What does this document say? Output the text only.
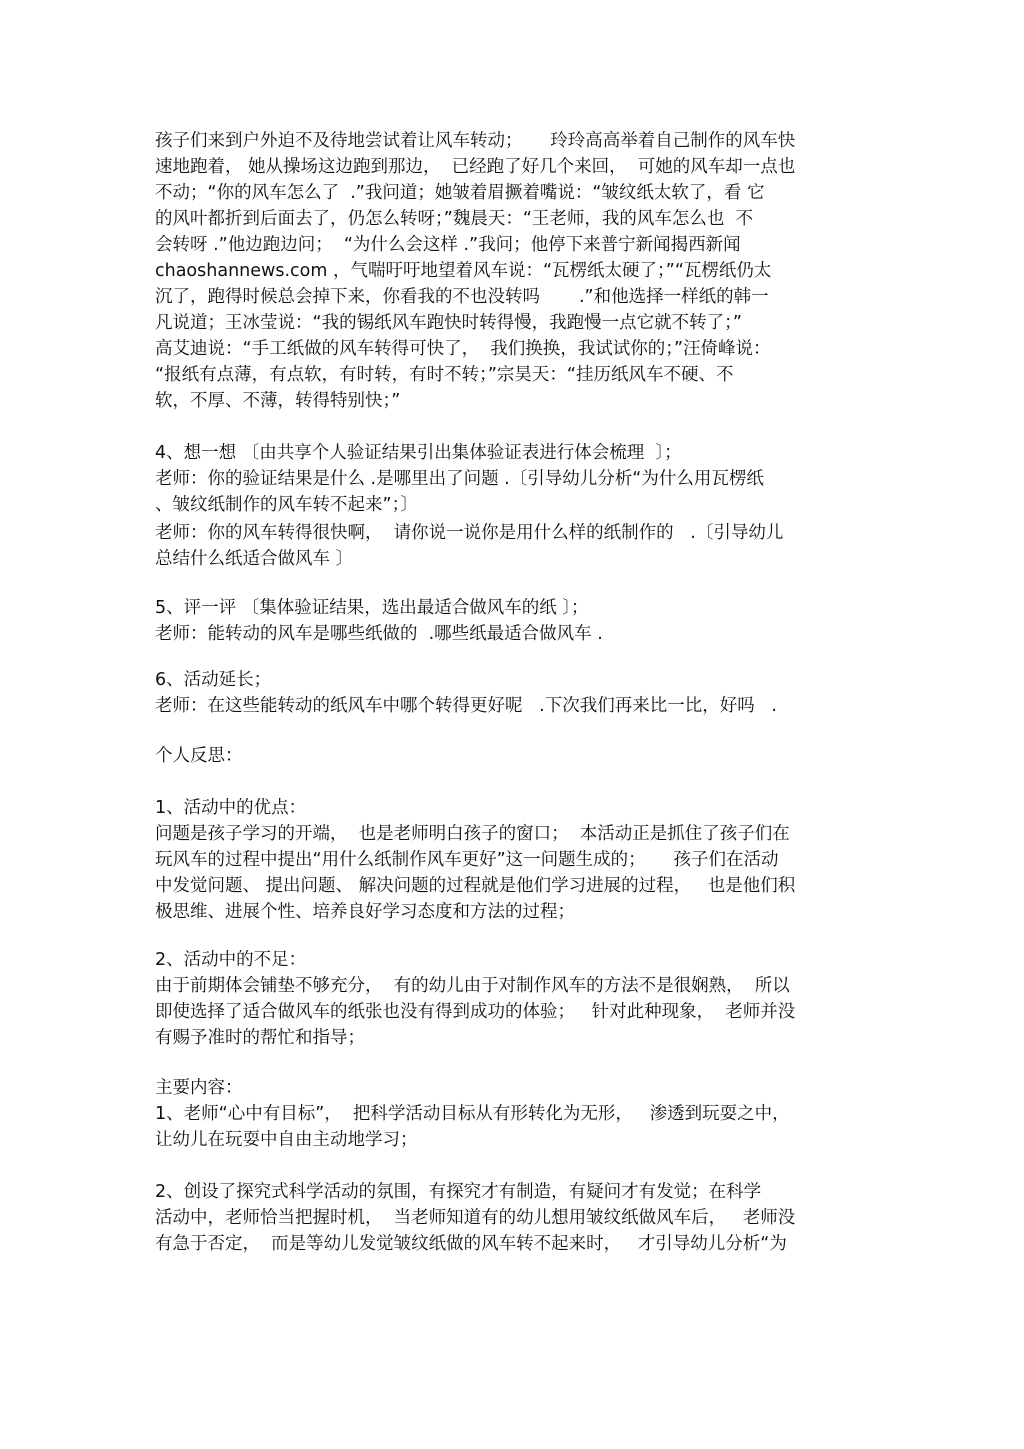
孩子们来到户外迫不及待地尝试着让风车转动；     玲玲高高举着自己制作的风车快
速地跑着， 她从操场这边跑到那边，  已经跑了好几个来回，  可她的风车却一点也
不动；“你的风车怎么了  .”我问道；她皱着眉撅着嘴说：“皱纹纸太软了，看 它
的风叶都折到后面去了，仍怎么转呀；”魏晨天：“王老师，我的风车怎么也  不
会转呀 .”他边跑边问；  “为什么会这样 .”我问；他停下来普宁新闻揭西新闻
chaoshannews.com ，气喘吁吁地望着风车说：“瓦楞纸太硬了；”“瓦楞纸仍太
沉了，跑得时候总会掉下来，你看我的不也没转吗       .”和他选择一样纸的韩一
凡说道；王冰莹说：“我的锡纸风车跑快时转得慢，我跑慢一点它就不转了；”
高艾迪说：“手工纸做的风车转得可快了，  我们换换，我试试你的；”汪倚峰说：
“报纸有点薄，有点软，有时转，有时不转；”宗昊天：“挂历纸风车不硬、不
软，不厚、不薄，转得特别快；”
4、想一想 〔由共享个人验证结果引出集体验证表进行体会梳理  〕；
老师：你的验证结果是什么 .是哪里出了问题 .〔引导幼儿分析“为什么用瓦楞纸
、皱纹纸制作的风车转不起来”；〕
老师：你的风车转得很快啊，  请你说一说你是用什么样的纸制作的   .〔引导幼儿
总结什么纸适合做风车 〕
5、评一评 〔集体验证结果，选出最适合做风车的纸 〕；
老师：能转动的风车是哪些纸做的  .哪些纸最适合做风车 .
6、活动延长；
老师：在这些能转动的纸风车中哪个转得更好呢   .下次我们再来比一比，好吗   .
个人反思：
1、活动中的优点：
问题是孩子学习的开端，  也是老师明白孩子的窗口；  本活动正是抓住了孩子们在
玩风车的过程中提出“用什么纸制作风车更好”这一问题生成的；     孩子们在活动
中发觉问题、 提出问题、 解决问题的过程就是他们学习进展的过程，   也是他们积
极思维、进展个性、培养良好学习态度和方法的过程；
2、活动中的不足：
由于前期体会铺垫不够充分，  有的幼儿由于对制作风车的方法不是很娴熟，  所以
即使选择了适合做风车的纸张也没有得到成功的体验；   针对此种现象，  老师并没
有赐予准时的帮忙和指导；
主要内容：
1、老师“心中有目标”，  把科学活动目标从有形转化为无形，   渗透到玩耍之中，
让幼儿在玩耍中自由主动地学习；
2、创设了探究式科学活动的氛围，有探究才有制造，有疑问才有发觉；在科学
活动中，老师恰当把握时机，  当老师知道有的幼儿想用皱纹纸做风车后，   老师没
有急于否定，  而是等幼儿发觉皱纹纸做的风车转不起来时，   才引导幼儿分析“为
